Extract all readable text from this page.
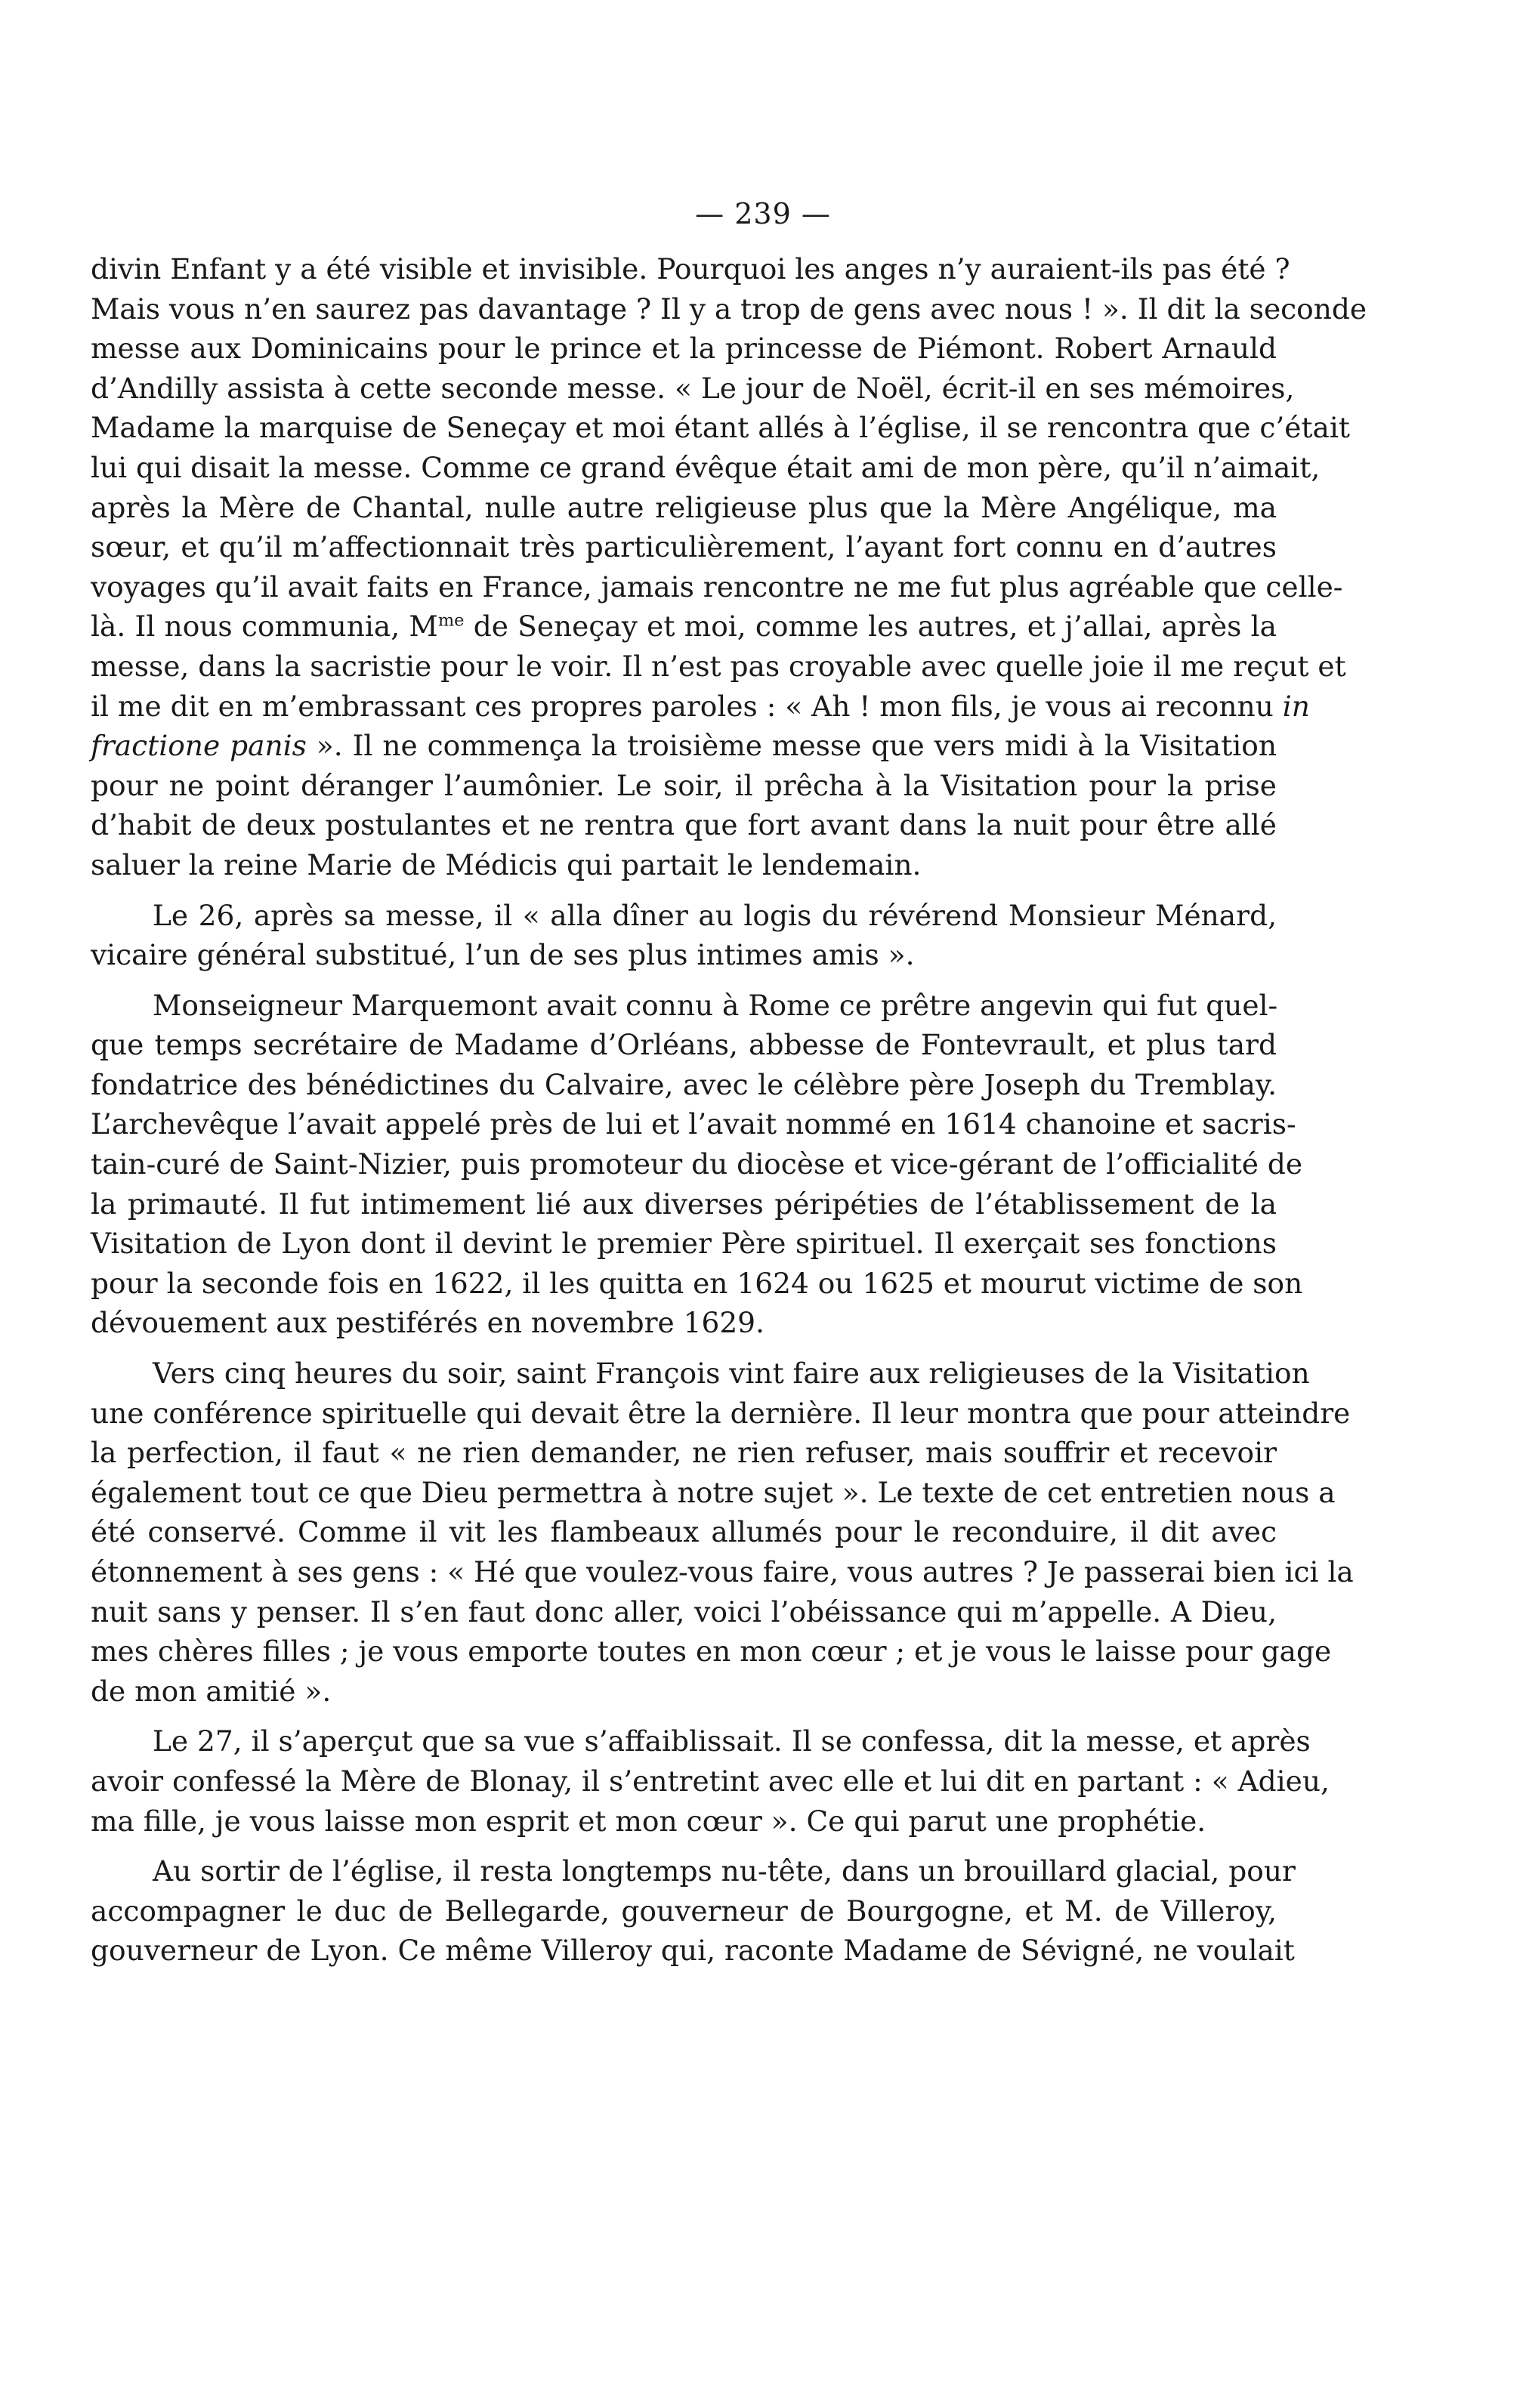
— 239 —
divin Enfant y a été visible et invisible. Pourquoi les anges n’y auraient-ils pas été ?
Mais vous n’en saurez pas davantage ? Il y a trop de gens avec nous ! ». Il dit la seconde
messe aux Dominicains pour le prince et la princesse de Piémont. Robert Arnauld
d’Andilly assista à cette seconde messe. « Le jour de Noël, écrit-il en ses mémoires,
Madame la marquise de Seneçay et moi étant allés à l’église, il se rencontra que c’était
lui qui disait la messe. Comme ce grand évêque était ami de mon père, qu’il n’aimait,
après la Mère de Chantal, nulle autre religieuse plus que la Mère Angélique, ma
sœur, et qu’il m’affectionnait très particulièrement, l’ayant fort connu en d’autres
voyages qu’il avait faits en France, jamais rencontre ne me fut plus agréable que celle-
là. Il nous communia, $M^{me}$ de Seneçay et moi, comme les autres, et j’allai, après la
messe, dans la sacristie pour le voir. Il n’est pas croyable avec quelle joie il me reçut et
il me dit en m’embrassant ces propres paroles : « Ah ! mon fils, je vous ai reconnu in
fractione panis ». Il ne commença la troisième messe que vers midi à la Visitation
pour ne point déranger l’aumônier. Le soir, il prêcha à la Visitation pour la prise
d’habit de deux postulantes et ne rentra que fort avant dans la nuit pour être allé
saluer la reine Marie de Médicis qui partait le lendemain.
Le 26, après sa messe, il « alla dîner au logis du révérend Monsieur Ménard,
vicaire général substitué, l’un de ses plus intimes amis ».
Monseigneur Marquemont avait connu à Rome ce prêtre angevin qui fut quel-
que temps secrétaire de Madame d’Orléans, abbesse de Fontevrault, et plus tard
fondatrice des bénédictines du Calvaire, avec le célèbre père Joseph du Tremblay.
L’archevêque l’avait appelé près de lui et l’avait nommé en 1614 chanoine et sacris-
tain-curé de Saint-Nizier, puis promoteur du diocèse et vice-gérant de l’officialité de
la primauté. Il fut intimement lié aux diverses péripéties de l’établissement de la
Visitation de Lyon dont il devint le premier Père spirituel. Il exerçait ses fonctions
pour la seconde fois en 1622, il les quitta en 1624 ou 1625 et mourut victime de son
dévouement aux pestiférés en novembre 1629.
Vers cinq heures du soir, saint François vint faire aux religieuses de la Visitation
une conférence spirituelle qui devait être la dernière. Il leur montra que pour atteindre
la perfection, il faut « ne rien demander, ne rien refuser, mais souffrir et recevoir
également tout ce que Dieu permettra à notre sujet ». Le texte de cet entretien nous a
été conservé. Comme il vit les flambeaux allumés pour le reconduire, il dit avec
étonnement à ses gens : « Hé que voulez-vous faire, vous autres ? Je passerai bien ici la
nuit sans y penser. Il s’en faut donc aller, voici l’obéissance qui m’appelle. A Dieu,
mes chères filles ; je vous emporte toutes en mon cœur ; et je vous le laisse pour gage
de mon amitié ».
Le 27, il s’aperçut que sa vue s’affaiblissait. Il se confessa, dit la messe, et après
avoir confessé la Mère de Blonay, il s’entretint avec elle et lui dit en partant : « Adieu,
ma fille, je vous laisse mon esprit et mon cœur ». Ce qui parut une prophétie.
Au sortir de l’église, il resta longtemps nu-tête, dans un brouillard glacial, pour
accompagner le duc de Bellegarde, gouverneur de Bourgogne, et M. de Villeroy,
gouverneur de Lyon. Ce même Villeroy qui, raconte Madame de Sévigné, ne voulait
